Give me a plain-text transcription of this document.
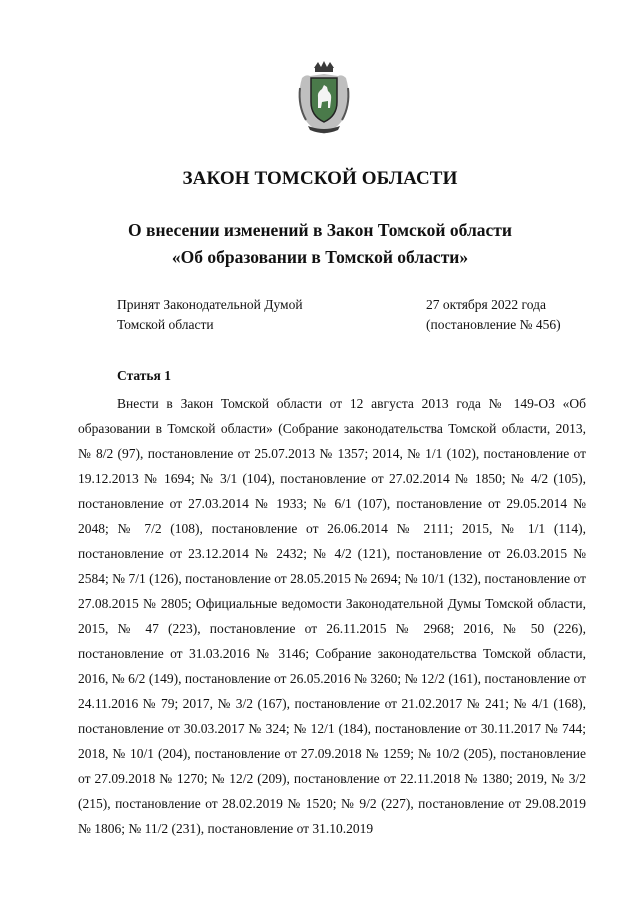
ЗАКОН ТОМСКОЙ ОБЛАСТИ
О внесении изменений в Закон Томской области
«Об образовании в Томской области»
Принят Законодательной Думой
Томской области
27 октября 2022 года
(постановление № 456)
Статья 1
Внести в Закон Томской области от 12 августа 2013 года № 149-ОЗ «Об образовании в Томской области» (Собрание законодательства Томской области, 2013, № 8/2 (97), постановление от 25.07.2013 № 1357; 2014, № 1/1 (102), постановление от 19.12.2013 № 1694; № 3/1 (104), постановление от 27.02.2014 № 1850; № 4/2 (105), постановление от 27.03.2014 № 1933; № 6/1 (107), постановление от 29.05.2014 № 2048; № 7/2 (108), постановление от 26.06.2014 № 2111; 2015, № 1/1 (114), постановление от 23.12.2014 № 2432; № 4/2 (121), постановление от 26.03.2015 № 2584; № 7/1 (126), постановление от 28.05.2015 № 2694; № 10/1 (132), постановление от 27.08.2015 № 2805; Официальные ведомости Законодательной Думы Томской области, 2015, № 47 (223), постановление от 26.11.2015 № 2968; 2016, № 50 (226), постановление от 31.03.2016 № 3146; Собрание законодательства Томской области, 2016, № 6/2 (149), постановление от 26.05.2016 № 3260; № 12/2 (161), постановление от 24.11.2016 № 79; 2017, № 3/2 (167), постановление от 21.02.2017 № 241; № 4/1 (168), постановление от 30.03.2017 № 324; № 12/1 (184), постановление от 30.11.2017 № 744; 2018, № 10/1 (204), постановление от 27.09.2018 № 1259; № 10/2 (205), постановление от 27.09.2018 № 1270; № 12/2 (209), постановление от 22.11.2018 № 1380; 2019, № 3/2 (215), постановление от 28.02.2019 № 1520; № 9/2 (227), постановление от 29.08.2019 № 1806; № 11/2 (231), постановление от 31.10.2019
